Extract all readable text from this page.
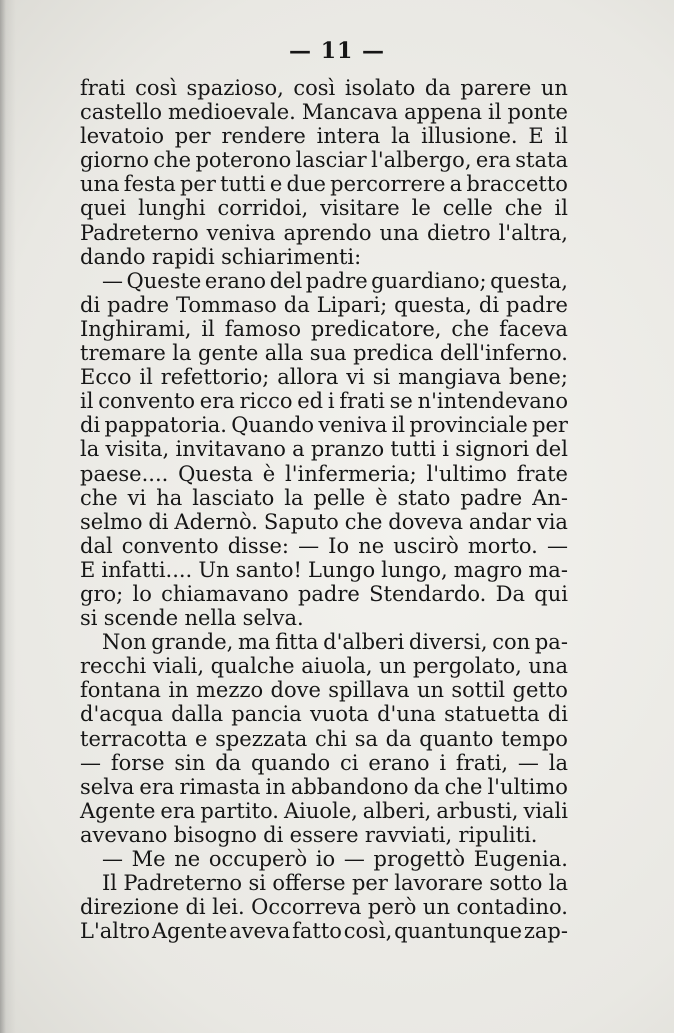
— 11 —
frati così spazioso, così isolato da parere un
castello medioevale. Mancava appena il ponte
levatoio per rendere intera la illusione. E il
giorno che poterono lasciar l'albergo, era stata
una festa per tutti e due percorrere a braccetto
quei lunghi corridoi, visitare le celle che il
Padreterno veniva aprendo una dietro l'altra,
dando rapidi schiarimenti:
— Queste erano del padre guardiano; questa,
di padre Tommaso da Lipari; questa, di padre
Inghirami, il famoso predicatore, che faceva
tremare la gente alla sua predica dell'inferno.
Ecco il refettorio; allora vi si mangiava bene;
il convento era ricco ed i frati se n'intendevano
di pappatoria. Quando veniva il provinciale per
la visita, invitavano a pranzo tutti i signori del
paese.... Questa è l'infermeria; l'ultimo frate
che vi ha lasciato la pelle è stato padre An-
selmo di Adernò. Saputo che doveva andar via
dal convento disse: — Io ne uscirò morto. —
E infatti.... Un santo! Lungo lungo, magro ma-
gro; lo chiamavano padre Stendardo. Da qui
si scende nella selva.
Non grande, ma fitta d'alberi diversi, con pa-
recchi viali, qualche aiuola, un pergolato, una
fontana in mezzo dove spillava un sottil getto
d'acqua dalla pancia vuota d'una statuetta di
terracotta e spezzata chi sa da quanto tempo
— forse sin da quando ci erano i frati, — la
selva era rimasta in abbandono da che l'ultimo
Agente era partito. Aiuole, alberi, arbusti, viali
avevano bisogno di essere ravviati, ripuliti.
— Me ne occuperò io — progettò Eugenia.
Il Padreterno si offerse per lavorare sotto la
direzione di lei. Occorreva però un contadino.
L'altro Agente aveva fatto così, quantunque zap-
